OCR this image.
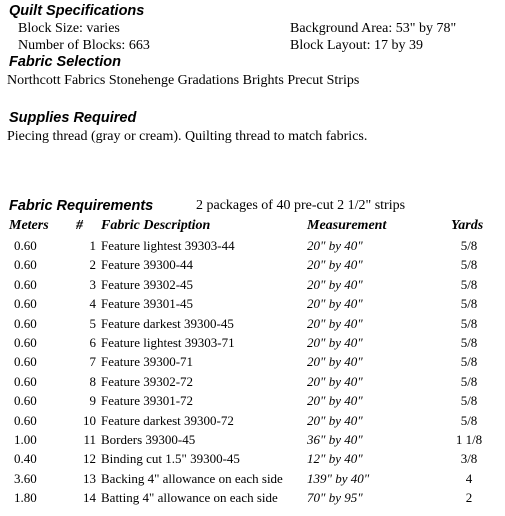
Quilt Specifications
Block Size: varies	Background Area: 53" by 78"
Number of Blocks: 663	Block Layout: 17 by 39
Fabric Selection
Northcott Fabrics Stonehenge Gradations Brights Precut Strips
Supplies Required
Piecing thread (gray or cream). Quilting thread to match fabrics.
Fabric Requirements	2 packages of 40 pre-cut 2 1/2" strips
Meters # Fabric Description	Measurement	Yards
0.60	1 Feature lightest 39303-44	20" by 40"	5/8
0.60	2 Feature 39300-44	20" by 40"	5/8
0.60	3 Feature 39302-45	20" by 40"	5/8
0.60	4 Feature 39301-45	20" by 40"	5/8
0.60	5 Feature darkest 39300-45	20" by 40"	5/8
0.60	6 Feature lightest 39303-71	20" by 40"	5/8
0.60	7 Feature 39300-71	20" by 40"	5/8
0.60	8 Feature 39302-72	20" by 40"	5/8
0.60	9 Feature 39301-72	20" by 40"	5/8
0.60	10 Feature darkest 39300-72	20" by 40"	5/8
1.00	11 Borders 39300-45	36" by 40"	1 1/8
0.40	12 Binding cut 1.5" 39300-45	12" by 40"	3/8
3.60	13 Backing 4" allowance on each side 139" by 40"	4
1.80	14 Batting 4" allowance on each side 70" by 95"	2
